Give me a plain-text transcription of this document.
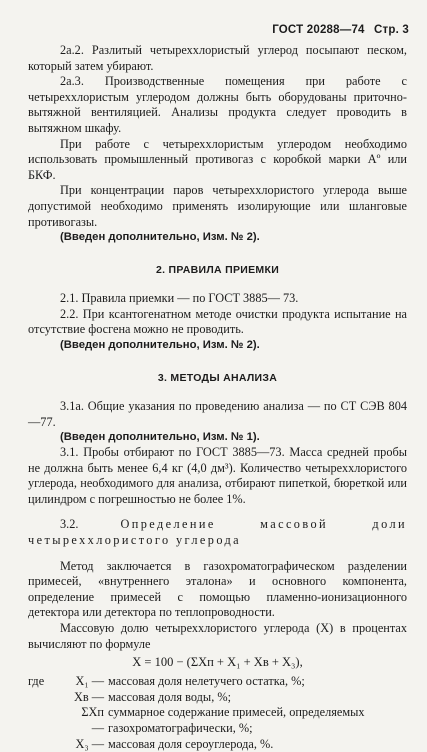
ГОСТ 20288—74 Стр. 3

2а.2. Разлитый четыреххлористый углерод посыпают песком, который затем убирают.

2а.3. Производственные помещения при работе с четыреххлористым углеродом должны быть оборудованы приточно-вытяжной вентиляцией. Анализы продукта следует проводить в вытяжном шкафу.

При работе с четыреххлористым углеродом необходимо использовать промышленный противогаз с коробкой марки Aº или БКФ.

При концентрации паров четыреххлористого углерода выше допустимой необходимо применять изолирующие или шланговые противогазы.

(Введен дополнительно, Изм. № 2).

2. ПРАВИЛА ПРИЕМКИ

2.1. Правила приемки — по ГОСТ 3885— 73.

2.2. При ксантогенатном методе очистки продукта испытание на отсутствие фосгена можно не проводить.

(Введен дополнительно, Изм. № 2).

3. МЕТОДЫ АНАЛИЗА

3.1а. Общие указания по проведению анализа — по СТ СЭВ 804—77.

(Введен дополнительно, Изм. № 1).

3.1. Пробы отбирают по ГОСТ 3885—73. Масса средней пробы не должна быть менее 6,4 кг (4,0 дм³). Количество четыреххлористого углерода, необходимого для анализа, отбирают пипеткой, бюреткой или цилиндром с погрешностью не более 1%.

3.2.	Определение массовой доли четыреххлористого углерода

Метод заключается в газохроматографическом разделении примесей, «внутреннего эталона» и основного компонента, определение примесей с помощью пламенно-ионизационного детектора или детектора по теплопроводности.

Массовую долю четыреххлористого углерода (X) в процентах вычисляют по формуле

X = 100 − (ΣXп + X₁ + Xв + X₃),
где	X₁ — массовая доля нелетучего остатка, %;
Xв — массовая доля воды, %;
ΣXп —
суммарное содержание примесей, определяемых газохроматографически, %;
X₃ — массовая доля сероуглерода, %.
